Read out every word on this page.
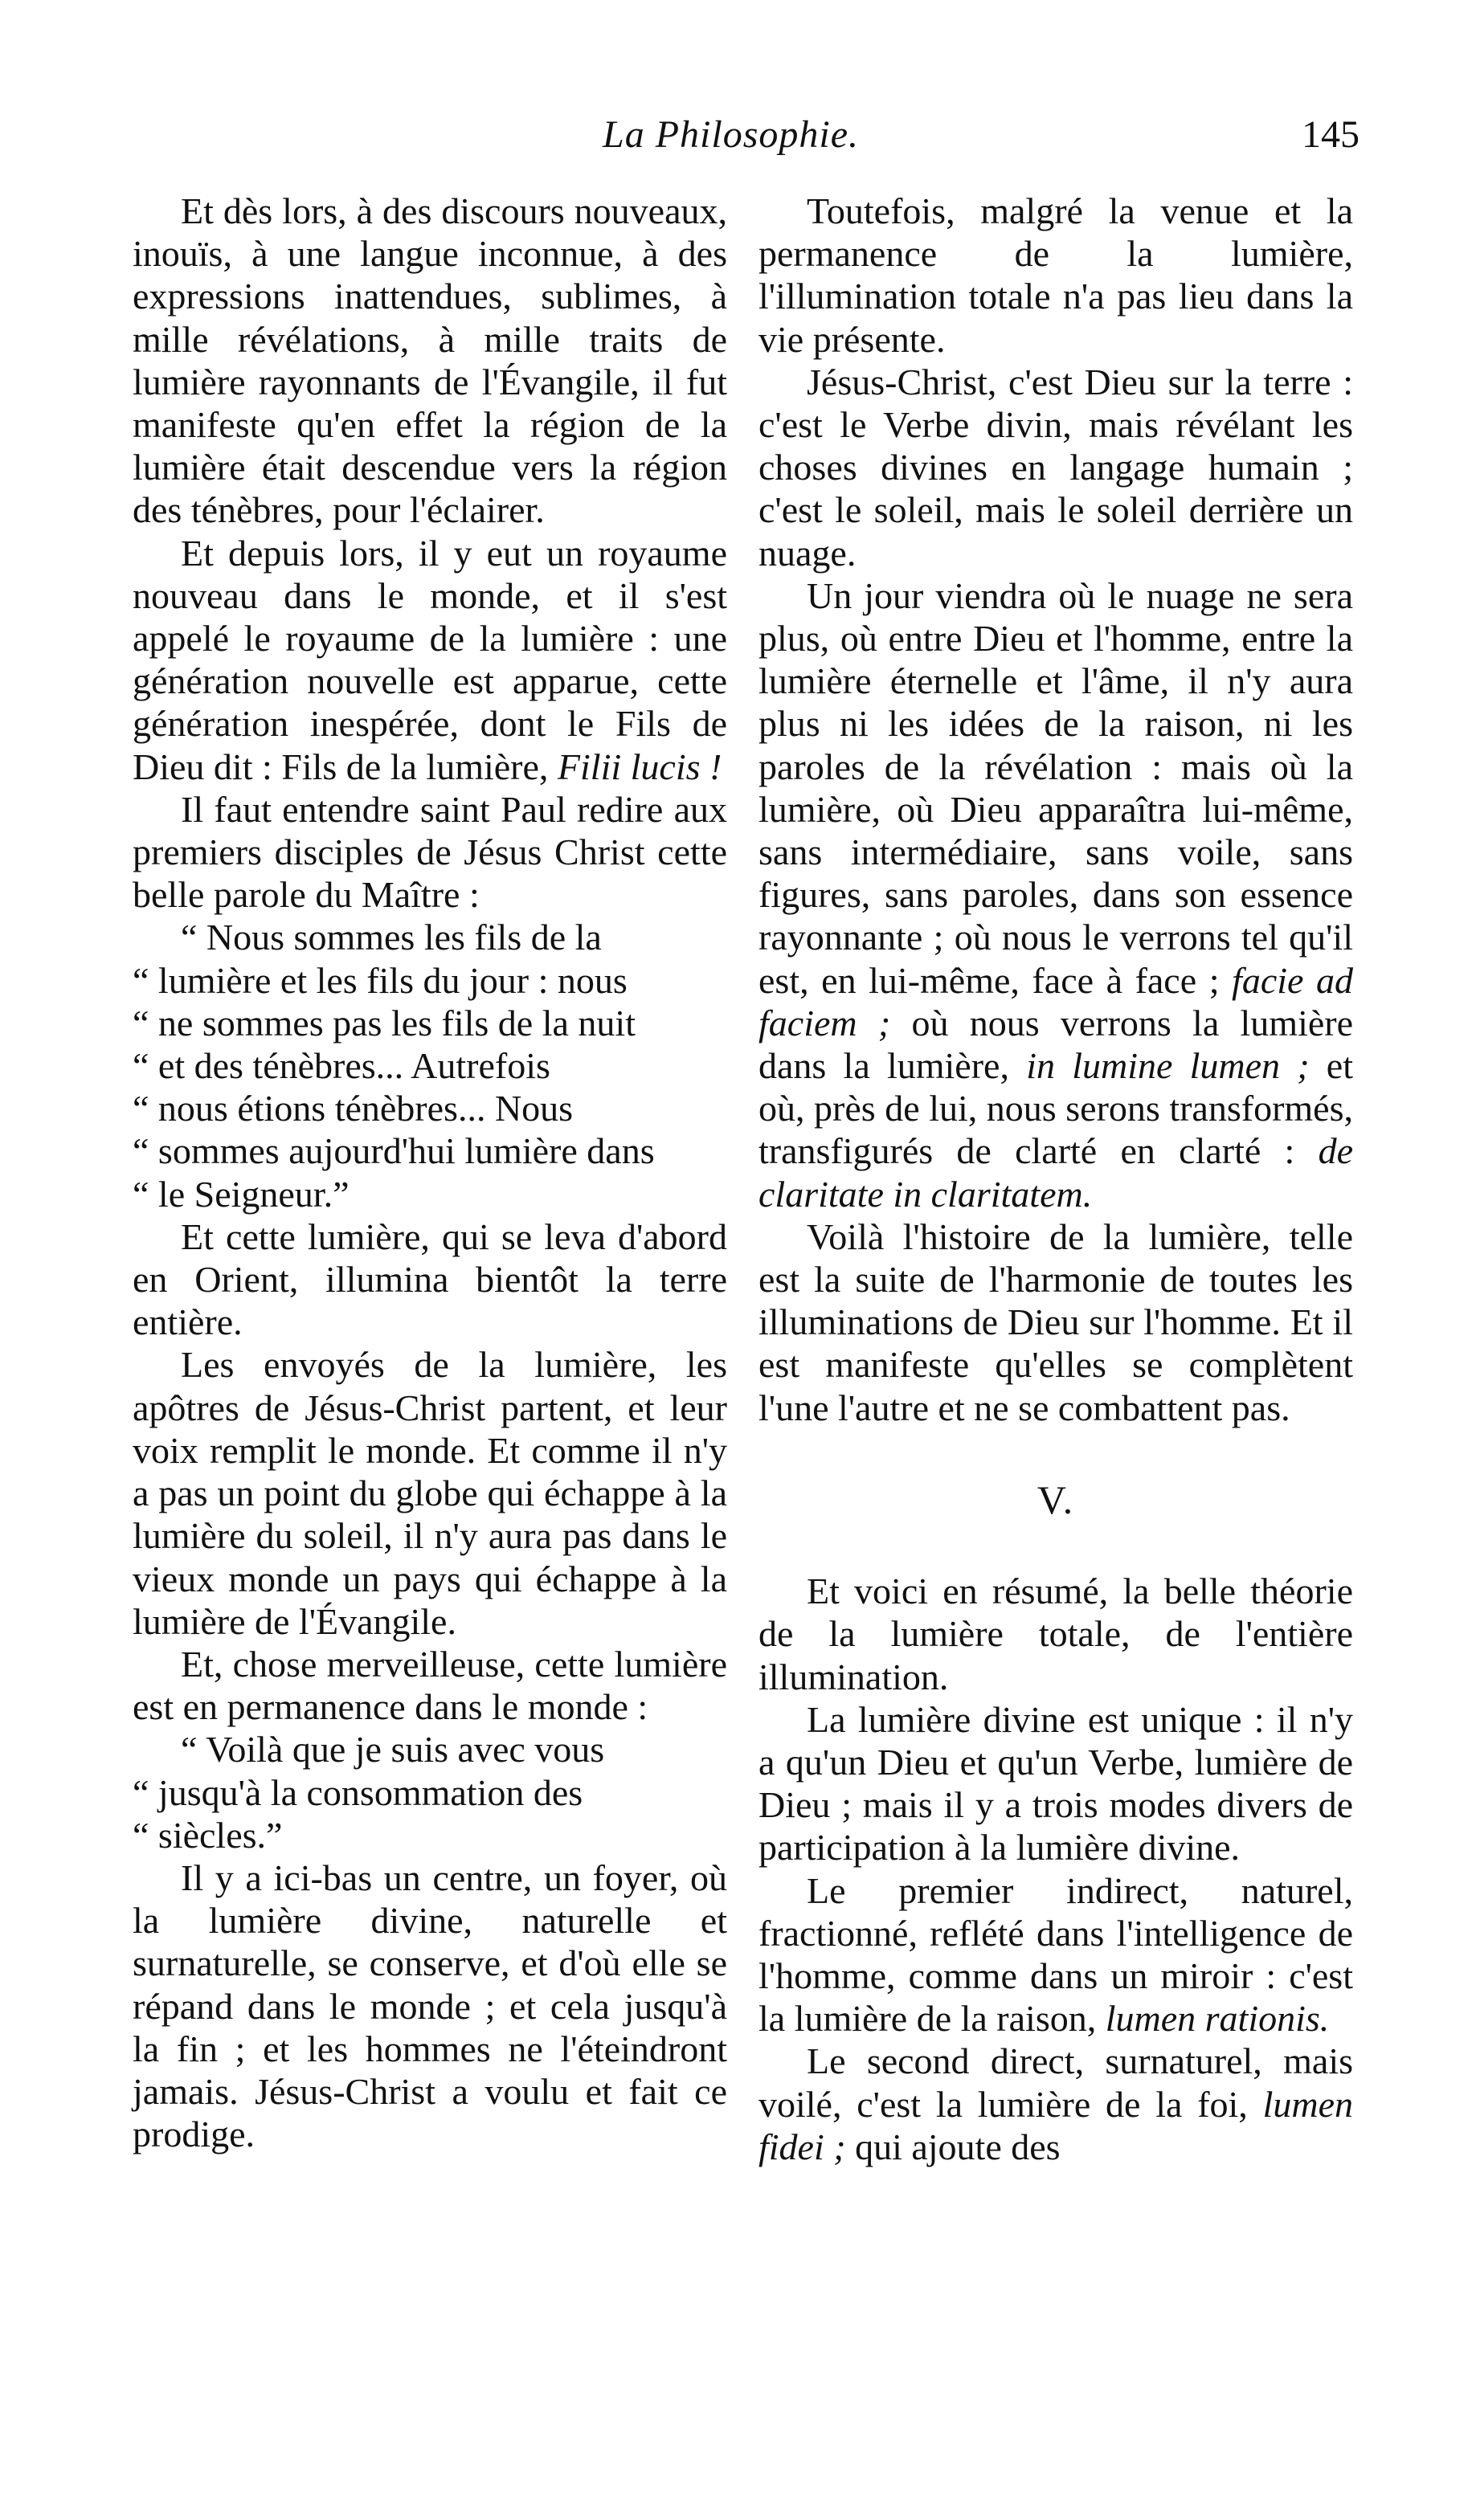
La Philosophie.	145

Et dès lors, à des discours nouveaux, inouïs, à une langue inconnue, à des expressions inattendues, sublimes, à mille révélations, à mille traits de lumière rayonnants de l'Évangile, il fut manifeste qu'en effet la région de la lumière était descendue vers la région des ténèbres, pour l'éclairer.

Et depuis lors, il y eut un royaume nouveau dans le monde, et il s'est appelé le royaume de la lumière : une génération nouvelle est apparue, cette génération inespérée, dont le Fils de Dieu dit : Fils de la lumière, Filii lucis !

Il faut entendre saint Paul redire aux premiers disciples de Jésus Christ cette belle parole du Maître :

“ Nous sommes les fils de la
“ lumière et les fils du jour : nous
“ ne sommes pas les fils de la nuit
“ et des ténèbres... Autrefois
“ nous étions ténèbres... Nous
“ sommes aujourd'hui lumière dans
“ le Seigneur.”

Et cette lumière, qui se leva d'abord en Orient, illumina bientôt la terre entière.

Les envoyés de la lumière, les apôtres de Jésus-Christ partent, et leur voix remplit le monde. Et comme il n'y a pas un point du globe qui échappe à la lumière du soleil, il n'y aura pas dans le vieux monde un pays qui échappe à la lumière de l'Évangile.

Et, chose merveilleuse, cette lumière est en permanence dans le monde :

“ Voilà que je suis avec vous
“ jusqu'à la consommation des
“ siècles.”

Il y a ici-bas un centre, un foyer, où la lumière divine, naturelle et surnaturelle, se conserve, et d'où elle se répand dans le monde ; et cela jusqu'à la fin ; et les hommes ne l'éteindront jamais. Jésus-Christ a voulu et fait ce prodige.

Toutefois, malgré la venue et la permanence de la lumière, l'illumination totale n'a pas lieu dans la vie présente.

Jésus-Christ, c'est Dieu sur la terre : c'est le Verbe divin, mais révélant les choses divines en langage humain ; c'est le soleil, mais le soleil derrière un nuage.

Un jour viendra où le nuage ne sera plus, où entre Dieu et l'homme, entre la lumière éternelle et l'âme, il n'y aura plus ni les idées de la raison, ni les paroles de la révélation : mais où la lumière, où Dieu apparaîtra lui-même, sans intermédiaire, sans voile, sans figures, sans paroles, dans son essence rayonnante ; où nous le verrons tel qu'il est, en lui-même, face à face ; facie ad faciem ; où nous verrons la lumière dans la lumière, in lumine lumen ; et où, près de lui, nous serons transformés, transfigurés de clarté en clarté : de claritate in claritatem.

Voilà l'histoire de la lumière, telle est la suite de l'harmonie de toutes les illuminations de Dieu sur l'homme. Et il est manifeste qu'elles se complètent l'une l'autre et ne se combattent pas.

V.

Et voici en résumé, la belle théorie de la lumière totale, de l'entière illumination.

La lumière divine est unique : il n'y a qu'un Dieu et qu'un Verbe, lumière de Dieu ; mais il y a trois modes divers de participation à la lumière divine.

Le premier indirect, naturel, fractionné, reflété dans l'intelligence de l'homme, comme dans un miroir : c'est la lumière de la raison, lumen rationis.

Le second direct, surnaturel, mais voilé, c'est la lumière de la foi, lumen fidei ; qui ajoute des
